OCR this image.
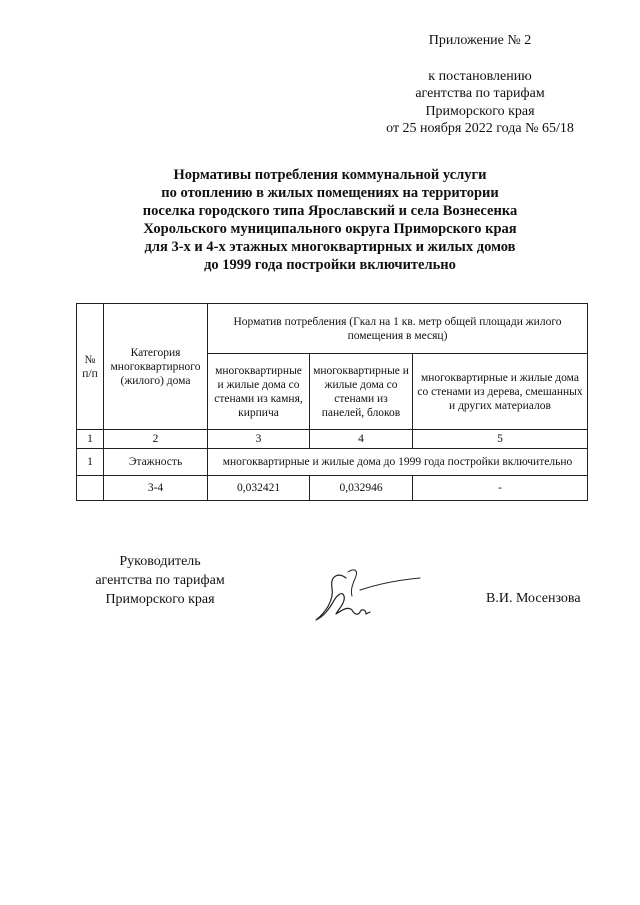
Приложение № 2
к постановлению
агентства по тарифам
Приморского края
от 25 ноября 2022 года № 65/18
Нормативы потребления коммунальной услуги
по отоплению в жилых помещениях на территории
поселка городского типа Ярославский и села Вознесенка
Хорольского муниципального округа Приморского края
для 3-х и 4-х этажных многоквартирных и жилых домов
до 1999 года постройки включительно
№ п/п	Категория многоквартирного (жилого) дома	Норматив потребления (Гкал на 1 кв. метр общей площади жилого помещения в месяц)		
		многоквартирные и жилые дома со стенами из камня, кирпича	многоквартирные и жилые дома со стенами из панелей, блоков	многоквартирные и жилые дома со стенами из дерева, смешанных и других материалов
1	2	3	4	5
1	Этажность	многоквартирные и жилые дома до 1999 года постройки включительно		
	3-4	0,032421	0,032946	-
Руководитель
агентства по тарифам
Приморского края	В.И. Мосензова
